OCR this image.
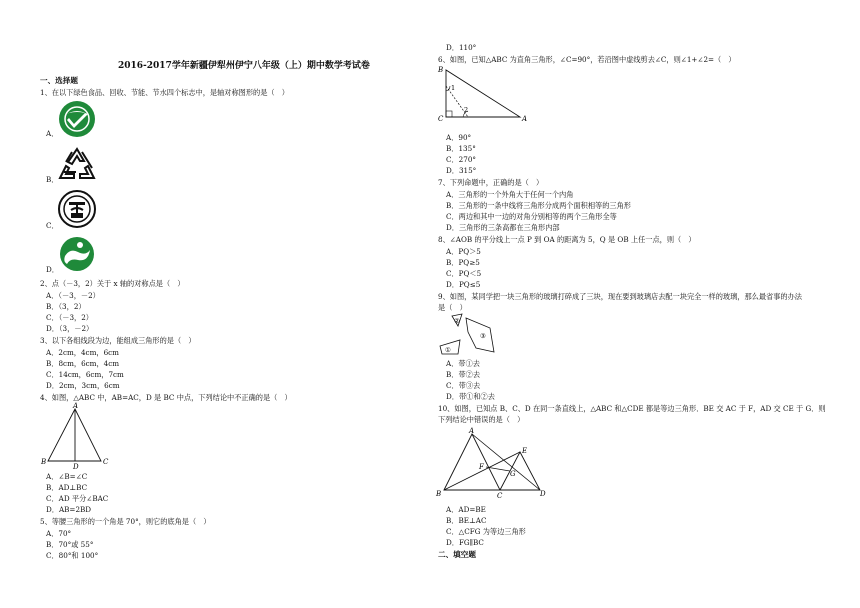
2016-2017学年新疆伊犁州伊宁八年级（上）期中数学考试卷
一、选择题
1、在以下绿色食品、回收、节能、节水四个标志中，是轴对称图形的是（　）
A．
B．
C．
D．
2、点（－3，2）关于 x 轴的对称点是（　）
A．（－3，－2）
B．（3，2）
C．（－3，2）
D．（3，－2）
3、以下各组线段为边，能组成三角形的是（　）
A．2cm，4cm，6cm
B．8cm，6cm，4cm
C．14cm，6cm，7cm
D．2cm，3cm，6cm
4、如图，△ABC 中，AB=AC，D 是 BC 中点，下列结论中不正确的是（　）
A
B	C
D
A．∠B=∠C
B．AD⊥BC
C．AD 平分∠BAC
D．AB=2BD
5、等腰三角形的一个角是 70°，则它的底角是（　）
A．70°
B．70°或 55°
C．80°和 100°
D．110°
6、如图，已知△ABC 为直角三角形，∠C=90°，若沿图中虚线剪去∠C，则∠1+∠2=（　）
B
C	A
1
2
A．90°
B．135°
C．270°
D．315°
7、下列命题中，正确的是（　）
A．三角形的一个外角大于任何一个内角
B．三角形的一条中线将三角形分成两个面积相等的三角形
C．两边和其中一边的对角分别相等的两个三角形全等
D．三角形的三条高都在三角形内部
8、∠AOB 的平分线上一点 P 到 OA 的距离为 5，Q 是 OB 上任一点，则（　）
A．PQ＞5
B．PQ≥5
C．PQ＜5
D．PQ≤5
9、如图，某同学把一块三角形的玻璃打碎成了三块，现在要到玻璃店去配一块完全一样的玻璃，那么最省事的办法
是（　）
①
②
③
A．带①去
B．带②去
C．带③去
D．带①和②去
10、如图，已知点 B、C、D 在同一条直线上，△ABC 和△CDE 都是等边三角形．BE 交 AC 于 F，AD 交 CE 于 G．则
下列结论中错误的是（　）
A
B	C	D
E
F
G
A．AD=BE
B．BE⊥AC
C．△CFG 为等边三角形
D．FG∥BC
二、填空题
